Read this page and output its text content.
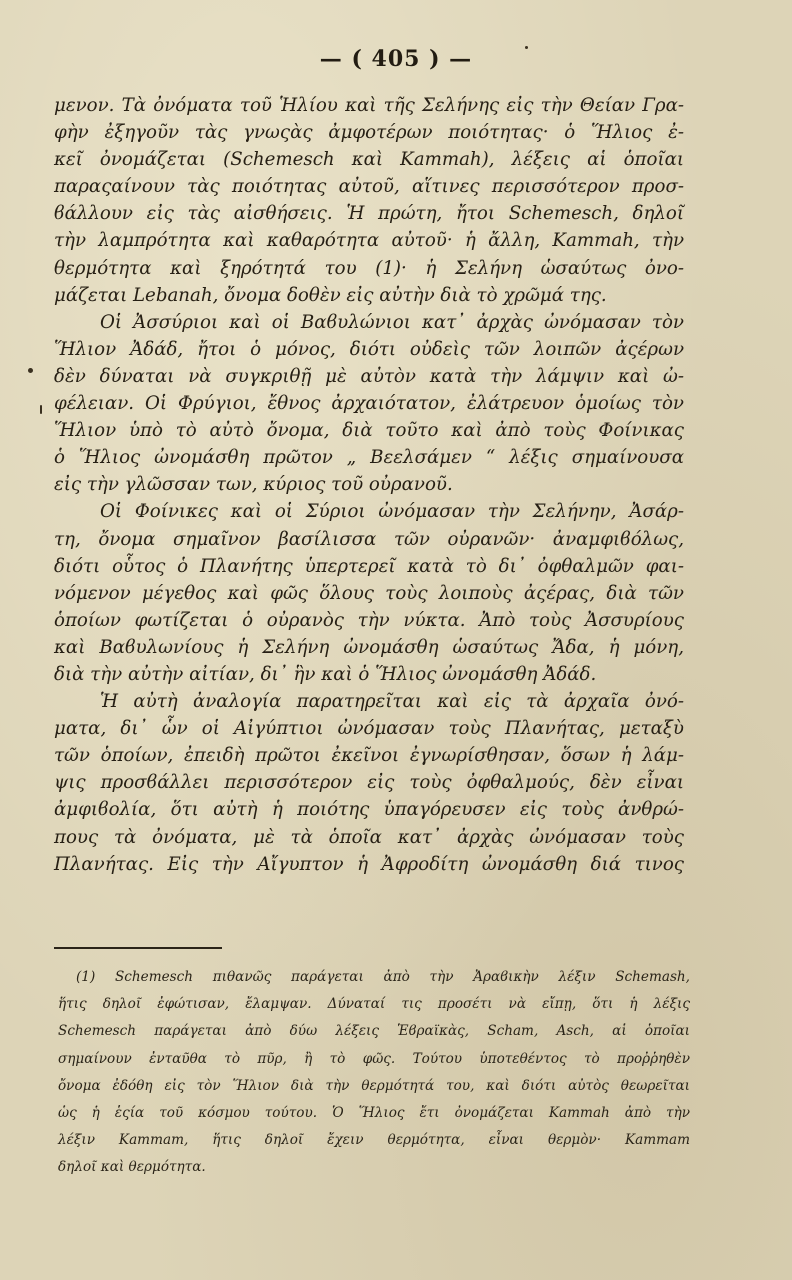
— ( 405 ) —
μενον. Τὰ ὀνόματα τοῦ Ἡλίου καὶ τῆς Σελήνης εἰς τὴν Θείαν Γρα-
φὴν ἐξηγοῦν τὰς γνωςὰς ἀμφοτέρων ποιότητας· ὁ Ἥλιος ἐ-
κεῖ ὀνομάζεται (Schemesch καὶ Kammah), λέξεις αἱ ὁποῖαι
παραςαίνουν τὰς ποιότητας αὐτοῦ, αἵτινες περισσότερον προσ-
ϐάλλουν εἰς τὰς αἰσθήσεις. Ἡ πρώτη, ἤτοι Schemesch, δηλοῖ
τὴν λαμπρότητα καὶ καθαρότητα αὐτοῦ· ἡ ἄλλη, Kammah, τὴν
θερμότητα καὶ ξηρότητά του (1)· ἡ Σελήνη ὡσαύτως ὀνο-
μάζεται Lebanah, ὄνομα δοθὲν εἰς αὐτὴν διὰ τὸ χρῶμά της.
Οἱ Ἀσσύριοι καὶ οἱ Βαϐυλώνιοι κατ᾽ ἀρχὰς ὠνόμασαν τὸν
Ἥλιον Ἀδάδ, ἤτοι ὁ μόνος, διότι οὐδεὶς τῶν λοιπῶν ἀςέρων
δὲν δύναται νὰ συγκριθῇ μὲ αὐτὸν κατὰ τὴν λάμψιν καὶ ὠ-
φέλειαν. Οἱ Φρύγιοι, ἔθνος ἀρχαιότατον, ἐλάτρευον ὁμοίως τὸν
Ἥλιον ὑπὸ τὸ αὐτὸ ὄνομα, διὰ τοῦτο καὶ ἀπὸ τοὺς Φοίνικας
ὁ Ἥλιος ὠνομάσθη πρῶτον „ Βεελσάμεν “ λέξις σημαίνουσα
εἰς τὴν γλῶσσαν των, κύριος τοῦ οὐρανοῦ.
Οἱ Φοίνικες καὶ οἱ Σύριοι ὠνόμασαν τὴν Σελήνην, Ἀσάρ-
τη, ὄνομα σημαῖνον βασίλισσα τῶν οὐρανῶν· ἀναμφιϐόλως,
διότι οὗτος ὁ Πλανήτης ὑπερτερεῖ κατὰ τὸ δι᾽ ὀφθαλμῶν φαι-
νόμενον μέγεθος καὶ φῶς ὅλους τοὺς λοιποὺς ἀςέρας, διὰ τῶν
ὁποίων φωτίζεται ὁ οὐρανὸς τὴν νύκτα. Ἀπὸ τοὺς Ἀσσυρίους
καὶ Βαϐυλωνίους ἡ Σελήνη ὠνομάσθη ὡσαύτως Ἄδα, ἡ μόνη,
διὰ τὴν αὐτὴν αἰτίαν, δι᾽ ἣν καὶ ὁ Ἥλιος ὠνομάσθη Ἀδάδ.
Ἡ αὐτὴ ἀναλογία παρατηρεῖται καὶ εἰς τὰ ἀρχαῖα ὀνό-
ματα, δι᾽ ὧν οἱ Αἰγύπτιοι ὠνόμασαν τοὺς Πλανήτας, μεταξὺ
τῶν ὁποίων, ἐπειδὴ πρῶτοι ἐκεῖνοι ἐγνωρίσθησαν, ὅσων ἡ λάμ-
ψις προσϐάλλει περισσότερον εἰς τοὺς ὀφθαλμούς, δὲν εἶναι
ἀμφιϐολία, ὅτι αὐτὴ ἡ ποιότης ὑπαγόρευσεν εἰς τοὺς ἀνθρώ-
πους τὰ ὀνόματα, μὲ τὰ ὁποῖα κατ᾽ ἀρχὰς ὠνόμασαν τοὺς
Πλανήτας. Εἰς τὴν Αἴγυπτον ἡ Ἀφροδίτη ὠνομάσθη διά τινος
(1) Schemesch πιθανῶς παράγεται ἀπὸ τὴν Ἀραϐικὴν λέξιν Schemash,
ἥτις δηλοῖ ἐφώτισαν, ἔλαμψαν. Δύναταί τις προσέτι νὰ εἴπῃ, ὅτι ἡ λέξις
Schemesch παράγεται ἀπὸ δύω λέξεις Ἑϐραϊκὰς, Scham, Asch, αἱ ὁποῖαι
σημαίνουν ἐνταῦθα τὸ πῦρ, ἢ τὸ φῶς. Τούτου ὑποτεθέντος τὸ προῤῥηθὲν
ὄνομα ἐδόθη εἰς τὸν Ἥλιον διὰ τὴν θερμότητά του, καὶ διότι αὐτὸς θεωρεῖται
ὡς ἡ ἑςία τοῦ κόσμου τούτου. Ὁ Ἥλιος ἔτι ὀνομάζεται Kammah ἀπὸ τὴν
λέξιν Kammam, ἥτις δηλοῖ ἔχειν θερμότητα, εἶναι θερμὸν· Kammam
δηλοῖ καὶ θερμότητα.
